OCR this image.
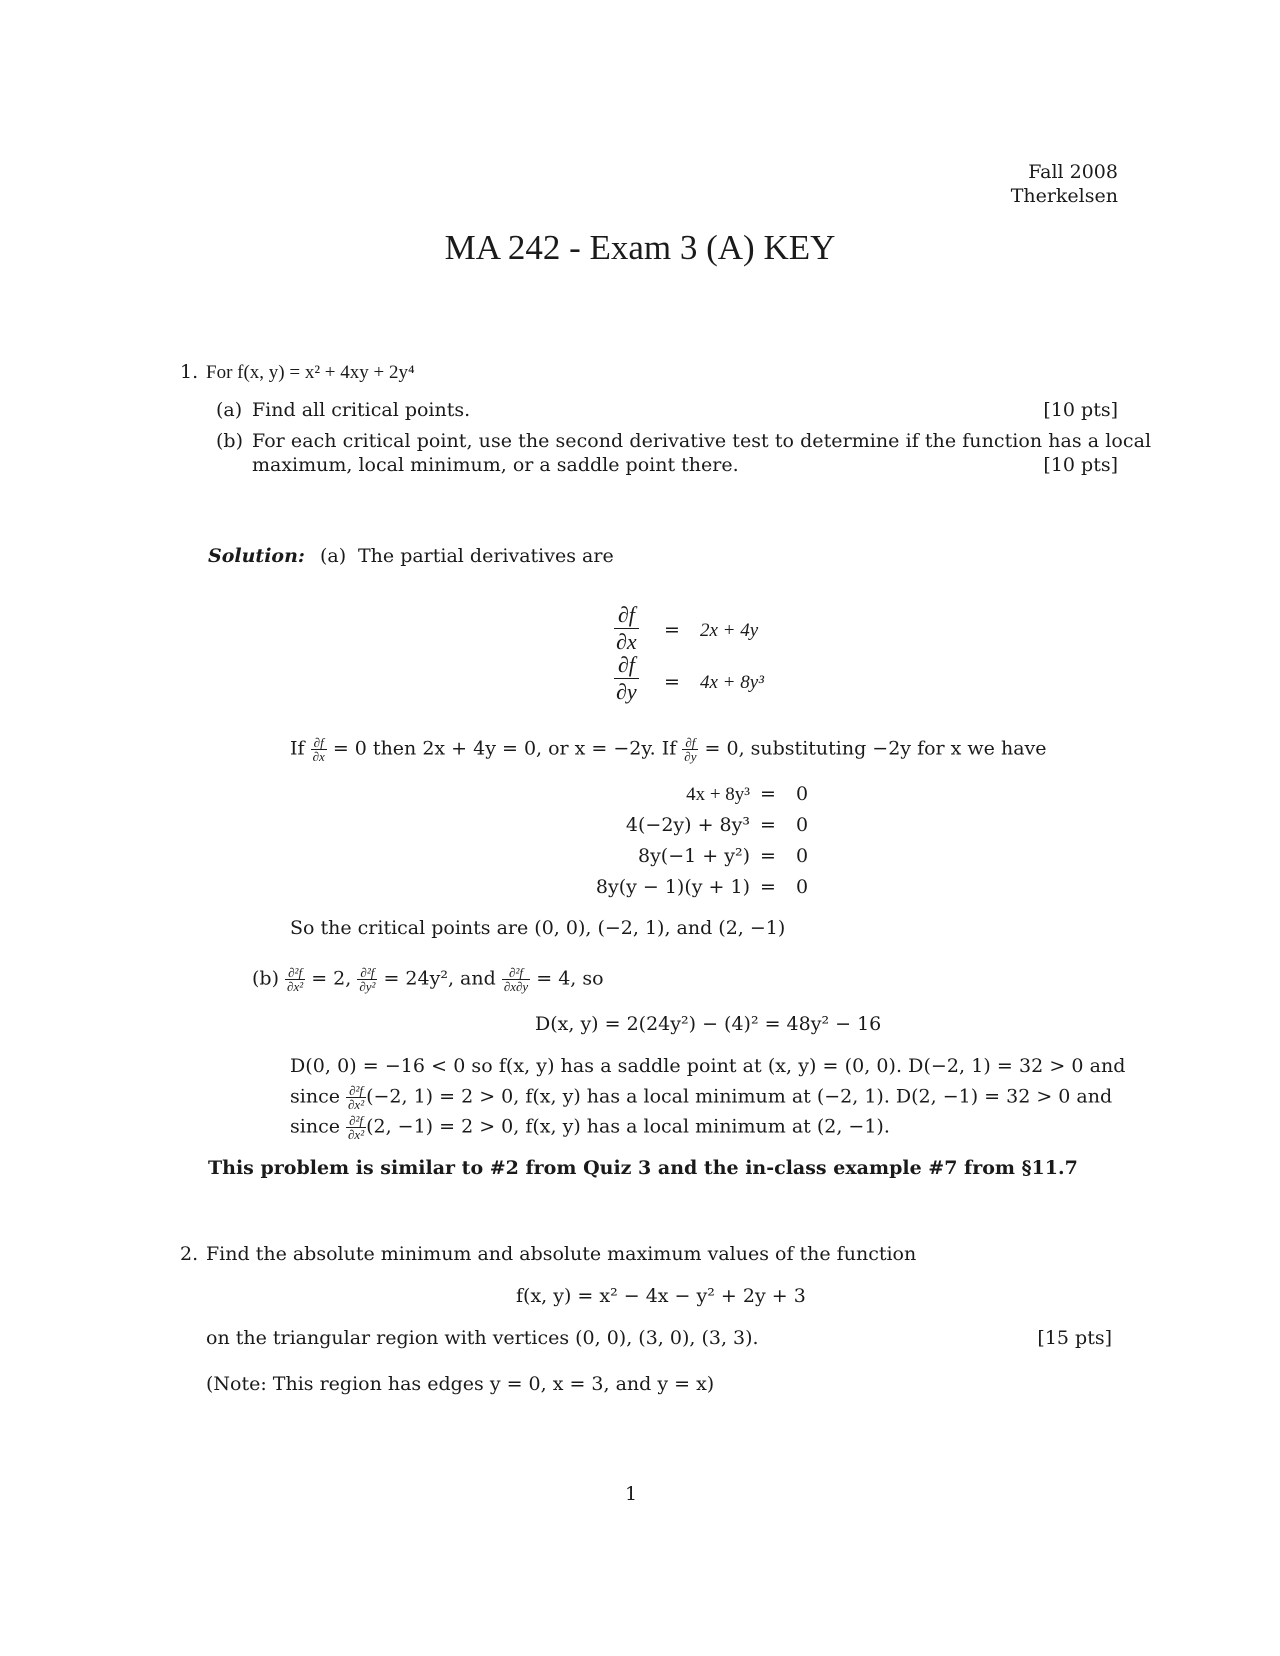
Fall 2008
Therkelsen
MA 242 - Exam 3 (A) KEY
1. For f(x, y) = x² + 4xy + 2y⁴
(a) Find all critical points.	[10 pts]
(b) For each critical point, use the second derivative test to determine if the function has a local
maximum, local minimum, or a saddle point there.	[10 pts]
Solution: (a) The partial derivatives are
$\frac{\partial f}{\partial x} = 2x + 4y$
$\frac{\partial f}{\partial y} = 4x + 8y^3$
If $\frac{\partial f}{\partial x} = 0$ then 2x + 4y = 0, or x = −2y. If $\frac{\partial f}{\partial y} = 0$, substituting −2y for x we have
4x + 8y³ = 0
4(−2y) + 8y³ = 0
8y(−1 + y²) = 0
8y(y − 1)(y + 1) = 0
So the critical points are (0, 0), (−2, 1), and (2, −1)
$(b) \frac{\text{∂²f}}{\text{∂x²}} = 2$, $\frac{\text{∂²f}}{\text{∂y²}} = 24y^2$, and $\frac{\text{∂²f}}{\partial x\partial y} = 4$, so
D(x, y) = 2(24y²) − (4)² = 48y² − 16
D(0, 0) = −16 < 0 so f(x, y) has a saddle point at (x, y) = (0, 0). D(−2, 1) = 32 > 0 and
since $\frac{\text{∂²f}}{\text{∂x²}} (-2$, 1) = 2 > 0, f(x, y) has a local minimum at (−2, 1). D(2, −1) = 32 > 0 and
since $\frac{\text{∂²f}}{\text{∂x²}} (2$, −1) = 2 > 0, f(x, y) has a local minimum at (2, −1).
This problem is similar to #2 from Quiz 3 and the in-class example #7 from §11.7
2. Find the absolute minimum and absolute maximum values of the function
f(x, y) = x² − 4x − y² + 2y + 3
on the triangular region with vertices (0, 0), (3, 0), (3, 3).	[15 pts]
(Note: This region has edges y = 0, x = 3, and y = x)
1
